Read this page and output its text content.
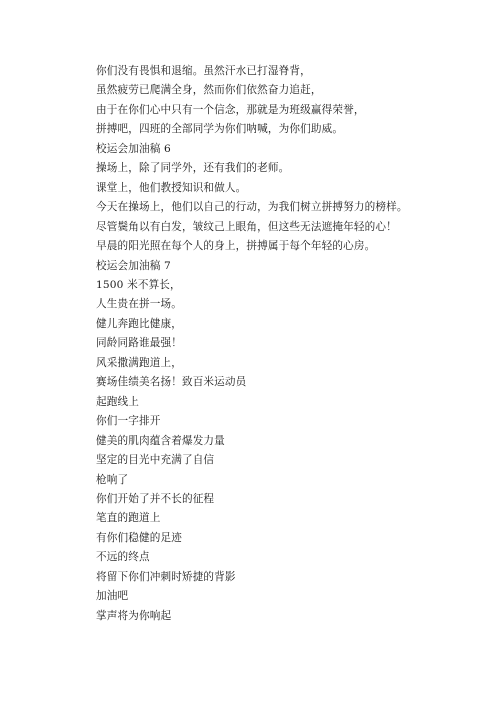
你们没有畏惧和退缩。虽然汗水已打湿脊背，
虽然疲劳已爬满全身，然而你们依然奋力追赶，
由于在你们心中只有一个信念，那就是为班级赢得荣誉，
拼搏吧，四班的全部同学为你们呐喊，为你们助威。
校运会加油稿 6
操场上，除了同学外，还有我们的老师。
课堂上，他们教授知识和做人。
今天在操场上，他们以自己的行动，为我们树立拼搏努力的榜样。
尽管鬓角以有白发，皱纹己上眼角，但这些无法遮掩年轻的心！
早晨的阳光照在每个人的身上，拼搏属于每个年轻的心房。
校运会加油稿 7
1500 米不算长，
人生贵在拼一场。
健儿奔跑比健康，
同龄同路谁最强！
风采撒满跑道上，
赛场佳绩美名扬！致百米运动员
起跑线上
你们一字排开
健美的肌肉蕴含着爆发力量
坚定的目光中充满了自信
枪响了
你们开始了并不长的征程
笔直的跑道上
有你们稳健的足迹
不远的终点
将留下你们冲刺时矫捷的背影
加油吧
掌声将为你响起
